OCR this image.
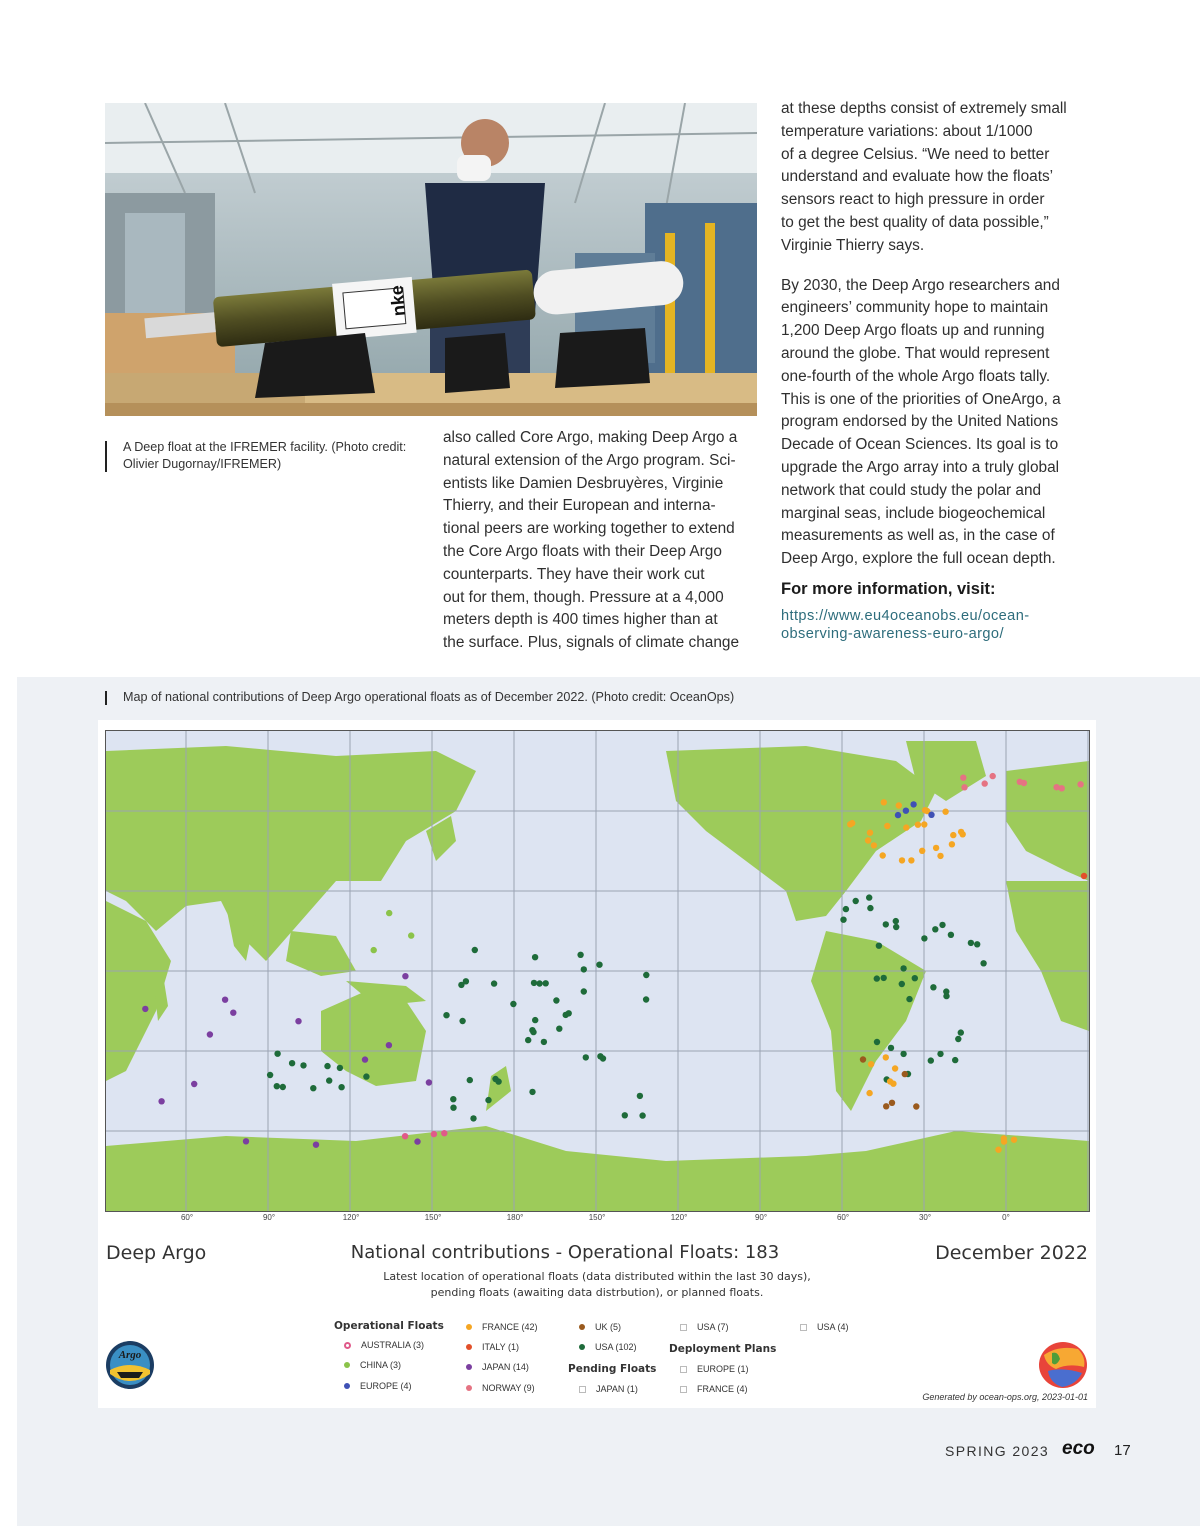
nke
A Deep float at the IFREMER facility. (Photo credit: Olivier Dugornay/IFREMER)

also called Core Argo, making Deep Argo a
natural extension of the Argo program. Sci-
entists like Damien Desbruyères, Virginie
Thierry, and their European and interna-
tional peers are working together to extend
the Core Argo floats with their Deep Argo
counterparts. They have their work cut
out for them, though. Pressure at a 4,000
meters depth is 400 times higher than at
the surface. Plus, signals of climate change

at these depths consist of extremely small
temperature variations: about 1/1000
of a degree Celsius. “We need to better
understand and evaluate how the floats’
sensors react to high pressure in order
to get the best quality of data possible,”
Virginie Thierry says.

By 2030, the Deep Argo researchers and
engineers’ community hope to maintain
1,200 Deep Argo floats up and running
around the globe. That would represent
one-fourth of the whole Argo floats tally.
This is one of the priorities of OneArgo, a
program endorsed by the United Nations
Decade of Ocean Sciences. Its goal is to
upgrade the Argo array into a truly global
network that could study the polar and
marginal seas, include biogeochemical
measurements as well as, in the case of
Deep Argo, explore the full ocean depth.

For more information, visit:
https://www.eu4oceanobs.eu/ocean-
observing-awareness-euro-argo/
Map of national contributions of Deep Argo operational floats as of December 2022. (Photo credit: OceanOps)
60°	90°	120°	150°	180°	150°	120°	90°	60°	30°	0°
Deep Argo	National contributions - Operational Floats: 183	December 2022
Latest location of operational floats (data distributed within the last 30 days),
pending floats (awaiting data distrbution), or planned floats.
Argo
Operational Floats
AUSTRALIA (3)
CHINA (3)
EUROPE (4)
FRANCE (42)
ITALY (1)
JAPAN (14)
NORWAY (9)
UK (5)
USA (102)
Pending Floats
JAPAN (1)
USA (7)
Deployment Plans
EUROPE (1)
FRANCE (4)
USA (4)
Generated by ocean-ops.org, 2023-01-01
SPRING 2023 eco 17
